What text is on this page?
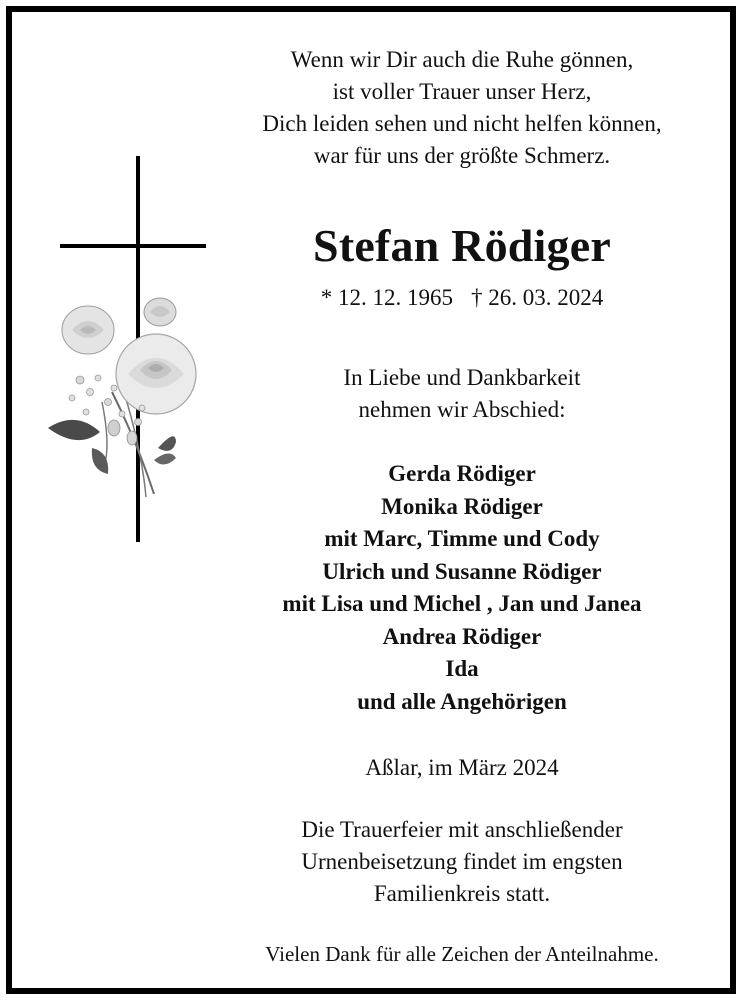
Wenn wir Dir auch die Ruhe gönnen,
ist voller Trauer unser Herz,
Dich leiden sehen und nicht helfen können,
war für uns der größte Schmerz.
Stefan Rödiger
* 12. 12. 1965 † 26. 03. 2024
In Liebe und Dankbarkeit
nehmen wir Abschied:
Gerda Rödiger
Monika Rödiger
mit Marc, Timme und Cody
Ulrich und Susanne Rödiger
mit Lisa und Michel , Jan und Janea
Andrea Rödiger
Ida
und alle Angehörigen
Aßlar, im März 2024
Die Trauerfeier mit anschließender
Urnenbeisetzung findet im engsten
Familienkreis statt.
Vielen Dank für alle Zeichen der Anteilnahme.
